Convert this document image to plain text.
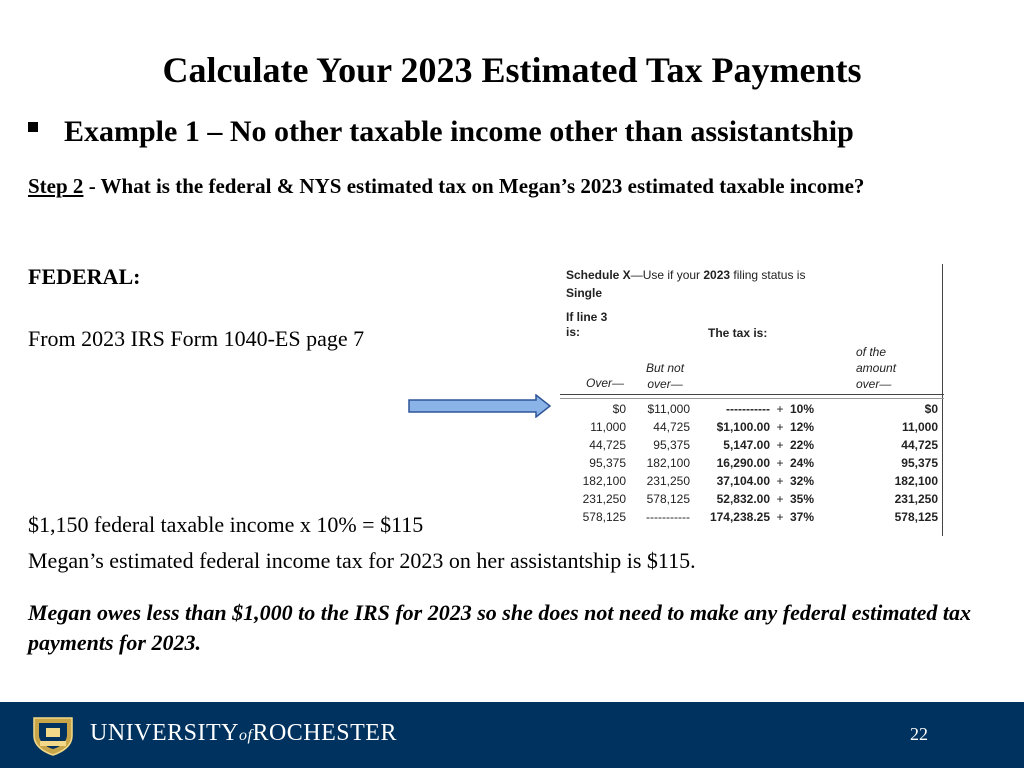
Calculate Your 2023 Estimated Tax Payments
Example 1 – No other taxable income other than assistantship
Step 2 - What is the federal & NYS estimated tax on Megan’s 2023 estimated taxable income?
FEDERAL:
From 2023 IRS Form 1040-ES page 7
Schedule X—Use if your 2023 filing status is
Single
If line 3
is:	The tax is:
of the
amount
over—
But not
over—
Over—
$0	$11,000	----------- + 10%	$0
11,000	44,725	$1,100.00 + 12%	11,000
44,725	95,375	5,147.00 + 22%	44,725
95,375	182,100	16,290.00 + 24%	95,375
182,100	231,250	37,104.00 + 32%	182,100
231,250	578,125	52,832.00 + 35%	231,250
578,125	-----------	174,238.25 + 37%	578,125
$1,150 federal taxable income x 10% = $115
Megan’s estimated federal income tax for 2023 on her assistantship is $115.
Megan owes less than $1,000 to the IRS for 2023 so she does not need to make any federal estimated tax payments for 2023.
UNIVERSITYofROCHESTER	22
